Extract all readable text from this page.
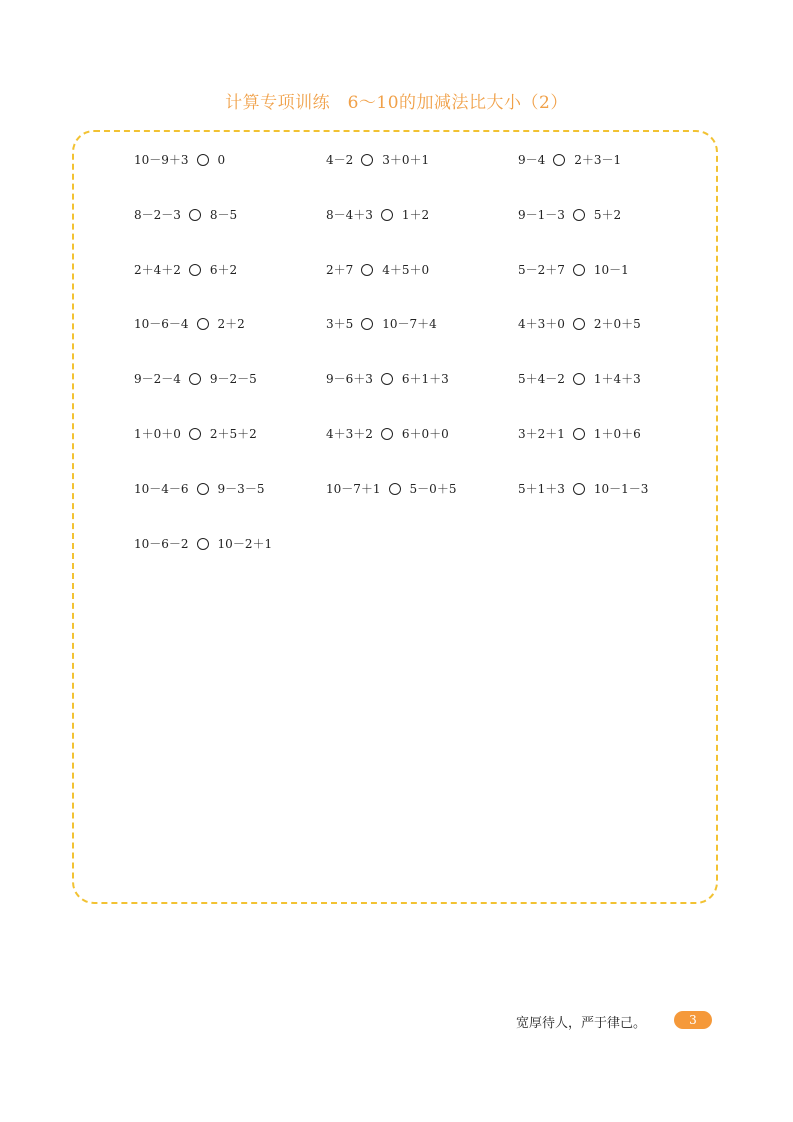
计算专项训练　6～10的加减法比大小（2）
10－9＋3 0	4－2 3＋0＋1	9－4 2＋3－1
8－2－3 8－5	8－4＋3 1＋2	9－1－3 5＋2
2＋4＋2 6＋2	2＋7 4＋5＋0	5－2＋7 10－1
10－6－4 2＋2	3＋5 10－7＋4	4＋3＋0 2＋0＋5
9－2－4 9－2－5	9－6＋3 6＋1＋3	5＋4－2 1＋4＋3
1＋0＋0 2＋5＋2	4＋3＋2 6＋0＋0	3＋2＋1 1＋0＋6
10－4－6 9－3－5	10－7＋1 5－0＋5	5＋1＋3 10－1－3
10－6－2 10－2＋1
宽厚待人，严于律己。	3
